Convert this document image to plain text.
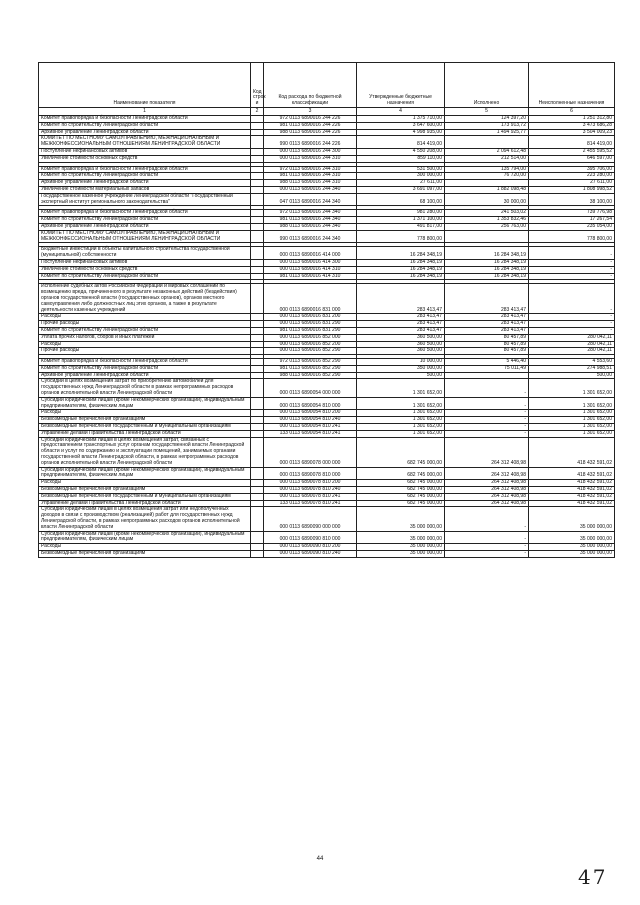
Наименование показателя	Код строк и	Код расхода по бюджетной классификации	Утвержденные бюджетные назначения	Исполнено	Неисполненные назначения
1	2	3	4	5	6
Комитет правопорядка и безопасности Ленинградской области		972 0113 6890016 244 226	1 375 710,00	124 397,20	1 251 312,80
Комитет по строительству Ленинградской области		981 0113 6890016 244 226	3 647 600,00	173 913,72	3 473 686,28
Архивное управление Ленинградской области		988 0113 6890016 244 226	4 998 935,00	1 494 925,77	3 504 009,23
КОМИТЕТ ПО МЕСТНОМУ САМОУПРАВЛЕНИЮ, МЕЖНАЦИОНАЛЬНЫМ И МЕЖКОНФЕССИОНАЛЬНЫМ ОТНОШЕНИЯМ ЛЕНИНГРАДСКОЙ ОБЛАСТИ		990 0113 6890016 244 226	814 419,00		814 419,00
Поступление нефинансовых активов		000 0113 6890016 244 300	4 550 208,00	2 094 612,48	2 455 595,52
Увеличение стоимости основных средств		000 0113 6890016 244 310	859 110,00	212 514,00	646 597,00

Комитет правопорядка и безопасности Ленинградской области		972 0113 6890016 244 310	531 500,00	135 794,00	395 706,00
Комитет по строительству Ленинградской области		981 0113 6890016 244 310	300 000,00	76 720,00	223 280,00
Архивное управление Ленинградской области		988 0113 6890016 244 310	27 611,00		27 611,00
Увеличение стоимости материальных запасов		000 0113 6890016 244 340	3 691 097,00	1 882 098,48	1 808 998,52
Государственное казенное учреждение Ленинградской области "Государственный экспертный институт регионального законодательства"		047 0113 6890016 244 340	68 100,00	30 000,00	38 100,00

Комитет правопорядка и безопасности Ленинградской области		972 0113 6890016 244 340	981 280,00	241 503,02	739 776,98
Комитет по строительству Ленинградской области		981 0113 6890016 244 340	1 371 100,00	1 353 832,46	17 267,54
Архивное управление Ленинградской области		988 0113 6890016 244 340	491 817,00	256 763,00	235 054,00
КОМИТЕТ ПО МЕСТНОМУ САМОУПРАВЛЕНИЮ, МЕЖНАЦИОНАЛЬНЫМ И МЕЖКОНФЕССИОНАЛЬНЫМ ОТНОШЕНИЯМ ЛЕНИНГРАДСКОЙ ОБЛАСТИ		990 0113 6890016 244 340	778 800,00		778 800,00

Бюджетные инвестиции в объекты капитального строительства государственной (муниципальной) собственности		000 0113 6890016 414 000	16 284 348,19	16 284 348,19	-
Поступление нефинансовых активов		000 0113 6890016 414 300	16 284 348,19	16 284 348,19	-
Увеличение стоимости основных средств		000 0113 6890016 414 310	16 284 348,19	16 284 348,19	-
Комитет по строительству Ленинградской области		981 0113 6890016 414 310	16 284 348,19	16 284 348,19	-

Исполнение судебных актов Российской Федерации и мировых соглашений по возмещению вреда, причиненного в результате незаконных действий (бездействия) органов государственной власти (государственных органов), органов местного самоуправления либо должностных лиц этих органов, а также в результате деятельности казенных учреждений		000 0113 6890016 831 000	283 413,47	283 413,47	-
Расходы		000 0113 6890016 831 200	283 413,47	283 413,47	-
Прочие расходы		000 0113 6890016 831 290	283 413,47	283 413,47	-
Комитет по строительству Ленинградской области		981 0113 6890016 831 290	283 413,47	283 413,47	-
Уплата прочих налогов, сборов и иных платежей		000 0113 6890016 852 000	360 500,00	80 457,89	280 042,11
Расходы		000 0113 6890016 852 200	360 500,00	80 457,89	280 042,11
Прочие расходы		000 0113 6890016 852 290	360 500,00	80 457,89	280 042,11

Комитет правопорядка и безопасности Ленинградской области		972 0113 6890016 852 290	10 000,00	5 446,40	4 553,60
Комитет по строительству Ленинградской области		981 0113 6890016 852 290	350 000,00	75 011,49	274 988,51
Архивное управление Ленинградской области		988 0113 6890016 852 290	500,00		500,00
Субсидии в целях возмещения затрат по приобретению автомобилей для государственных нужд Ленинградской области в рамках непрограммных расходов органов исполнительной власти Ленинградской области		000 0113 6890054 000 000	1 301 652,00	-	1 301 652,00
Субсидии юридическим лицам (кроме некоммерческих организаций), индивидуальным предпринимателям, физическим лицам		000 0113 6890054 810 000	1 301 652,00	-	1 301 652,00
Расходы		000 0113 6890054 810 200	1 301 652,00	-	1 301 652,00
Безвозмездные перечисления организациям		000 0113 6890054 810 240	1 301 652,00	-	1 301 652,00
Безвозмездные перечисления государственным и муниципальным организациям		000 0113 6890054 810 241	1 301 652,00	-	1 301 652,00
Управление делами Правительства Ленинградской области		133 0113 6890054 810 241	1 301 652,00	-	1 301 652,00
Субсидии юридическим лицам в целях возмещения затрат, связанных с предоставлением транспортных услуг органам государственной власти Ленинградской области и услуг по содержанию и эксплуатации помещений, занимаемых органами государственной власти Ленинградской области, в рамках непрограммных расходов органов исполнительной власти Ленинградской области		000 0113 6890078 000 000	682 745 000,00	264 312 408,98	418 432 591,02
Субсидии юридическим лицам (кроме некоммерческих организаций), индивидуальным предпринимателям, физическим лицам		000 0113 6890078 810 000	682 745 000,00	264 312 408,98	418 432 591,02
Расходы		000 0113 6890078 810 200	682 745 000,00	264 312 408,98	418 432 591,02
Безвозмездные перечисления организациям		000 0113 6890078 810 240	682 745 000,00	264 312 408,98	418 432 591,02
Безвозмездные перечисления государственным и муниципальным организациям		000 0113 6890078 810 241	682 745 000,00	264 312 408,98	418 432 591,02
Управление делами Правительства Ленинградской области		133 0113 6890078 810 241	682 745 000,00	264 312 408,98	418 432 591,02
Субсидии юридическим лицам в целях возмещения затрат или недополученных доходов в связи с производством (реализацией) работ для государственных нужд Ленинградской области, в рамках непрограммных расходов органов исполнительной власти Ленинградской области		000 0113 6890090 000 000	35 000 000,00	-	35 000 000,00
Субсидии юридическим лицам (кроме некоммерческих организаций), индивидуальным предпринимателям, физическим лицам		000 0113 6890090 810 000	35 000 000,00	-	35 000 000,00
Расходы		000 0113 6890090 810 200	35 000 000,00	-	35 000 000,00
Безвозмездные перечисления организациям		000 0113 6890090 810 240	35 000 000,00	-	35 000 000,00
44
47
